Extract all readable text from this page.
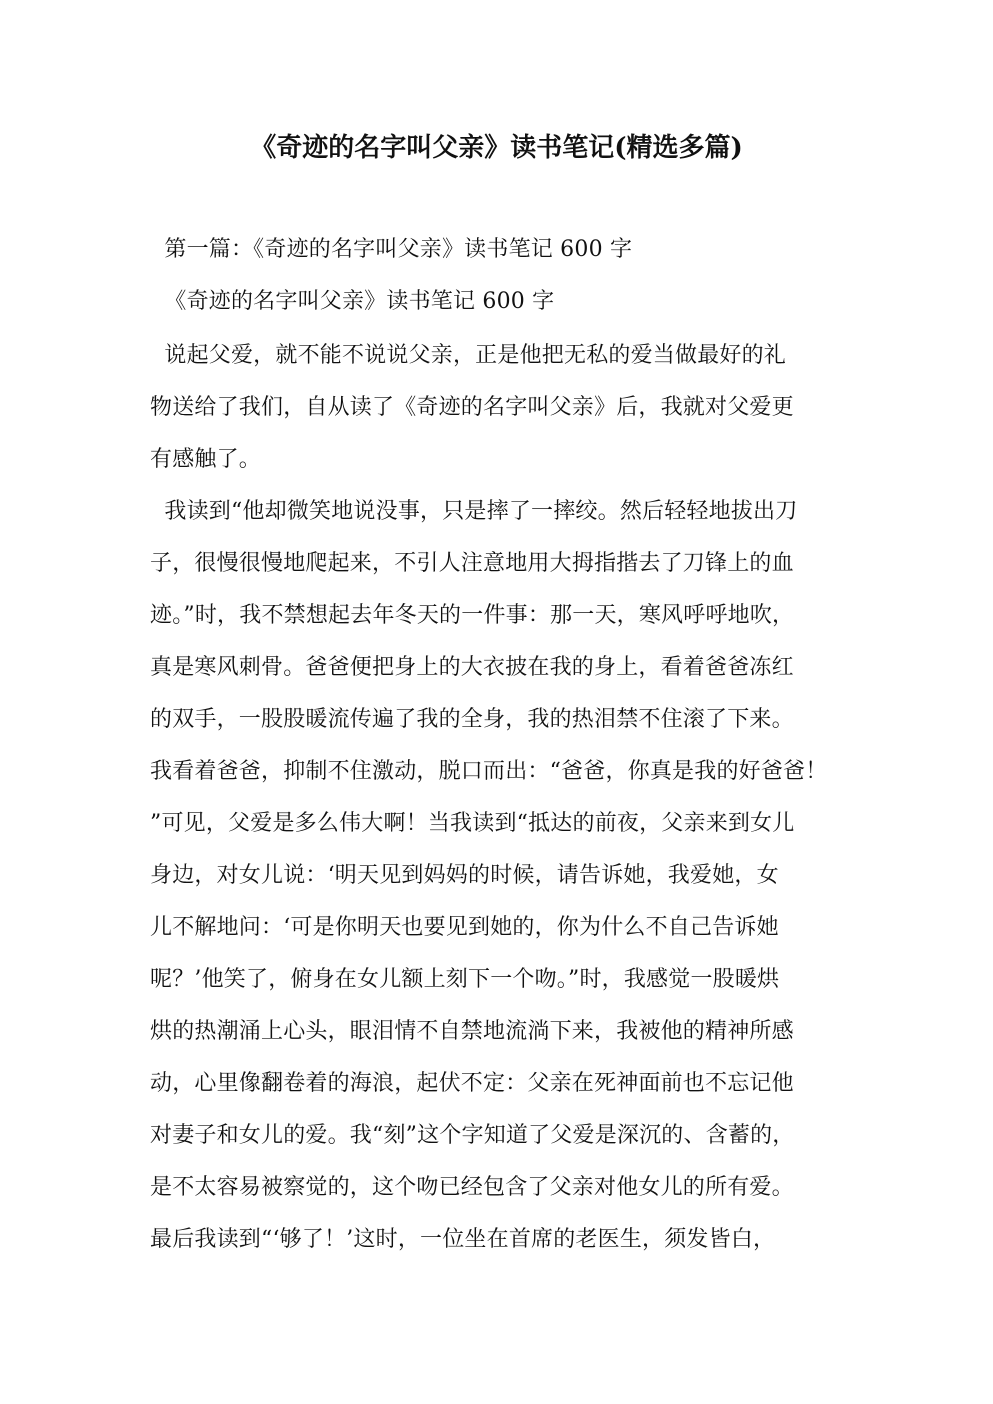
《奇迹的名字叫父亲》读书笔记(精选多篇)
第一篇：《奇迹的名字叫父亲》读书笔记 600 字
《奇迹的名字叫父亲》读书笔记 600 字
说起父爱，就不能不说说父亲，正是他把无私的爱当做最好的礼
物送给了我们，自从读了《奇迹的名字叫父亲》后，我就对父爱更
有感触了。
我读到“他却微笑地说没事，只是摔了一摔绞。然后轻轻地拔出刀
子，很慢很慢地爬起来，不引人注意地用大拇指揩去了刀锋上的血
迹。”时，我不禁想起去年冬天的一件事：那一天，寒风呼呼地吹，
真是寒风刺骨。爸爸便把身上的大衣披在我的身上，看着爸爸冻红
的双手，一股股暖流传遍了我的全身，我的热泪禁不住滚了下来。
我看着爸爸，抑制不住激动，脱口而出：“爸爸，你真是我的好爸爸！
”可见，父爱是多么伟大啊！当我读到“抵达的前夜，父亲来到女儿
身边，对女儿说：‘明天见到妈妈的时候，请告诉她，我爱她，女
儿不解地问：‘可是你明天也要见到她的，你为什么不自己告诉她
呢？’他笑了，俯身在女儿额上刻下一个吻。”时，我感觉一股暖烘
烘的热潮涌上心头，眼泪情不自禁地流淌下来，我被他的精神所感
动，心里像翻卷着的海浪，起伏不定：父亲在死神面前也不忘记他
对妻子和女儿的爱。我“刻”这个字知道了父爱是深沉的、含蓄的，
是不太容易被察觉的，这个吻已经包含了父亲对他女儿的所有爱。
最后我读到“‘够了！’这时，一位坐在首席的老医生，须发皆白，
